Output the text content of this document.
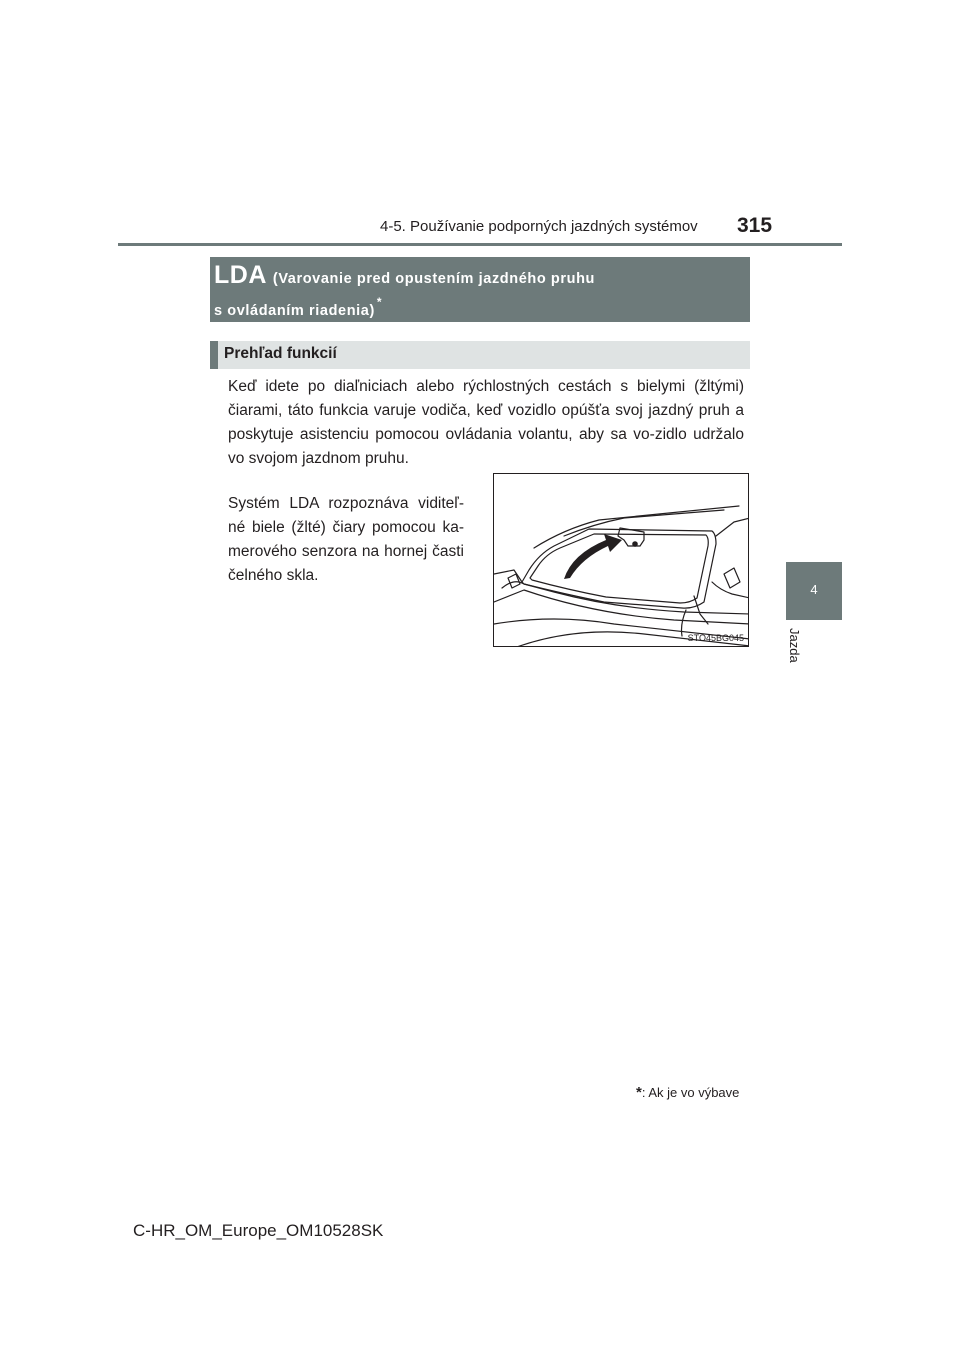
4-5. Používanie podporných jazdných systémov 315
4
Jazda
LDA (Varovanie pred opustením jazdného pruhu
s ovládaním riadenia)*
Prehľad funkcií

Keď idete po diaľniciach alebo rýchlostných cestách s bielymi (žltými) čiarami, táto funkcia varuje vodiča, keď vozidlo opúšťa svoj jazdný pruh a poskytuje asistenciu pomocou ovládania volantu, aby sa vo-zidlo udržalo vo svojom jazdnom pruhu.

Systém LDA rozpoznáva viditeľ-né biele (žlté) čiary pomocou ka-merového senzora na hornej časti čelného skla.

STO45BG045
*: Ak je vo výbave
C-HR_OM_Europe_OM10528SK
